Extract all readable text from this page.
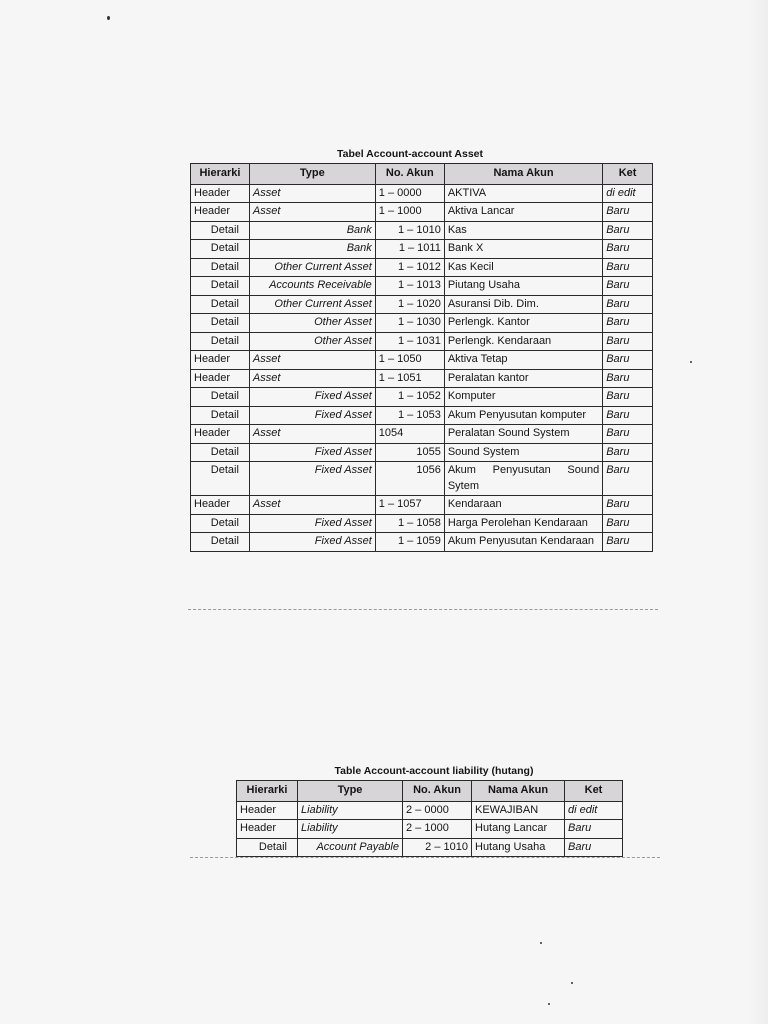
Tabel Account-account Asset
Hierarki	Type	No. Akun	Nama Akun	Ket
Header	Asset	1 – 0000	AKTIVA	di edit
Header	Asset	1 – 1000	Aktiva Lancar	Baru
Detail	Bank	1 – 1010	Kas	Baru
Detail	Bank	1 – 1011	Bank X	Baru
Detail	Other Current Asset	1 – 1012	Kas Kecil	Baru
Detail	Accounts Receivable	1 – 1013	Piutang Usaha	Baru
Detail	Other Current Asset	1 – 1020	Asuransi Dib. Dim.	Baru
Detail	Other Asset	1 – 1030	Perlengk. Kantor	Baru
Detail	Other Asset	1 – 1031	Perlengk. Kendaraan	Baru
Header	Asset	1 – 1050	Aktiva Tetap	Baru
Header	Asset	1 – 1051	Peralatan kantor	Baru
Detail	Fixed Asset	1 – 1052	Komputer	Baru
Detail	Fixed Asset	1 – 1053	Akum Penyusutan komputer	Baru
Header	Asset	1054	Peralatan Sound System	Baru
Detail	Fixed Asset	1055	Sound System	Baru
Detail	Fixed Asset	1056	Akum Penyusutan Sound Sytem	Baru
Header	Asset	1 – 1057	Kendaraan	Baru
Detail	Fixed Asset	1 – 1058	Harga Perolehan Kendaraan	Baru
Detail	Fixed Asset	1 – 1059	Akum Penyusutan Kendaraan	Baru
Table Account-account liability (hutang)
Hierarki	Type	No. Akun	Nama Akun	Ket
Header	Liability	2 – 0000	KEWAJIBAN	di edit
Header	Liability	2 – 1000	Hutang Lancar	Baru
Detail	Account Payable	2 – 1010	Hutang Usaha	Baru
